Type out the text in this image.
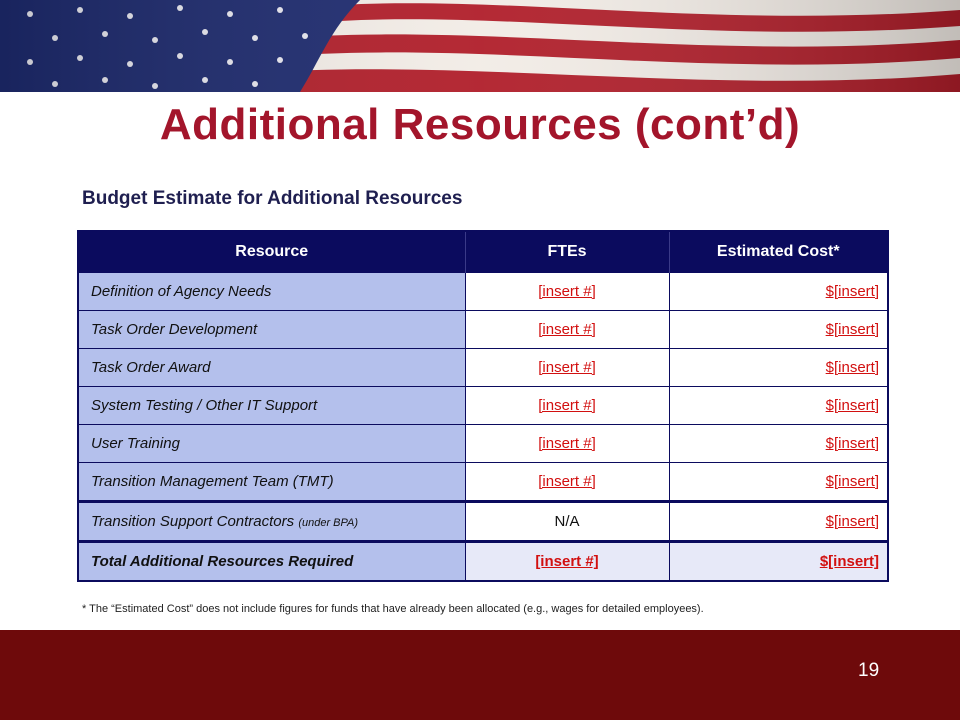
Additional Resources (cont’d)
Budget Estimate for Additional Resources
Resource	FTEs	Estimated Cost*
Definition of Agency Needs	[insert #]	$[insert]
Task Order Development	[insert #]	$[insert]
Task Order Award	[insert #]	$[insert]
System Testing / Other IT Support	[insert #]	$[insert]
User Training	[insert #]	$[insert]
Transition Management Team (TMT)	[insert #]	$[insert]
Transition Support Contractors (under BPA)	N/A	$[insert]
Total Additional Resources Required	[insert #]	$[insert]
* The “Estimated Cost” does not include figures for funds that have already been allocated (e.g., wages for detailed employees).
19
